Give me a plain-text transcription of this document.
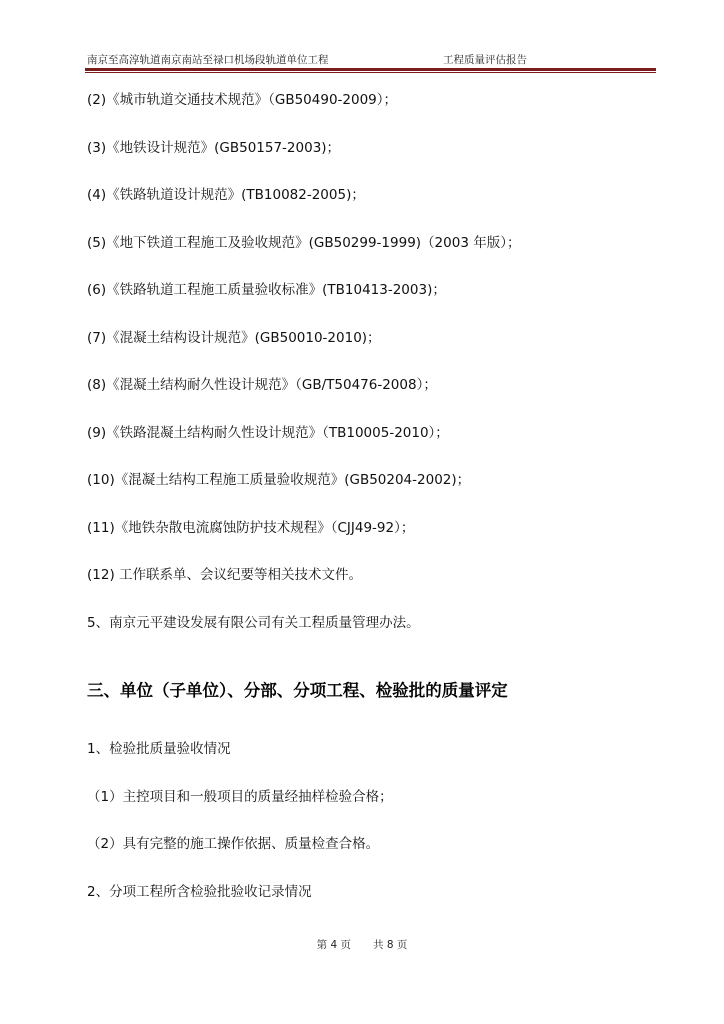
南京至高淳轨道南京南站至禄口机场段轨道单位工程	工程质量评估报告
(2)《城市轨道交通技术规范》（GB50490-2009）；
(3)《地铁设计规范》(GB50157-2003)；
(4)《铁路轨道设计规范》(TB10082-2005)；
(5)《地下铁道工程施工及验收规范》(GB50299-1999)（2003 年版）；
(6)《铁路轨道工程施工质量验收标准》(TB10413-2003)；
(7)《混凝土结构设计规范》(GB50010-2010)；
(8)《混凝土结构耐久性设计规范》（GB/T50476-2008）；
(9)《铁路混凝土结构耐久性设计规范》（TB10005-2010）；
(10)《混凝土结构工程施工质量验收规范》(GB50204-2002)；
(11)《地铁杂散电流腐蚀防护技术规程》（CJJ49-92）；
(12) 工作联系单、会议纪要等相关技术文件。
5、南京元平建设发展有限公司有关工程质量管理办法。
三、单位（子单位）、分部、分项工程、检验批的质量评定
1、检验批质量验收情况
（1）主控项目和一般项目的质量经抽样检验合格；
（2）具有完整的施工操作依据、质量检查合格。
2、分项工程所含检验批验收记录情况
第 4 页 共 8 页
